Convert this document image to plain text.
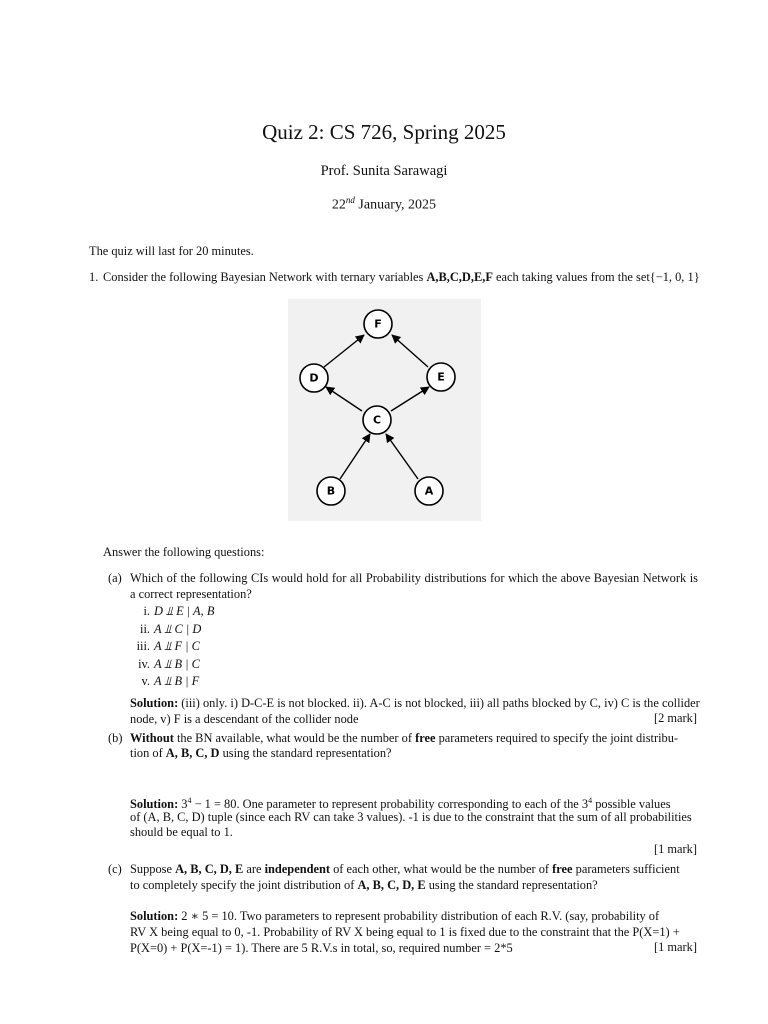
Quiz 2: CS 726, Spring 2025
Prof. Sunita Sarawagi
22nd January, 2025
The quiz will last for 20 minutes.
1. Consider the following Bayesian Network with ternary variables A,B,C,D,E,F each taking values from the set{−1, 0, 1}
F
D	E
C
B	A
Answer the following questions:
(a) Which of the following CIs would hold for all Probability distributions for which the above Bayesian Network is a correct representation?
i. D ⫫ E | A, B
ii. A ⫫ C | D
iii. A ⫫ F | C
iv. A ⫫ B | C
v. A ⫫ B | F
Solution: (iii) only. i) D-C-E is not blocked. ii). A-C is not blocked, iii) all paths blocked by C, iv) C is the collider
node, v) F is a descendant of the collider node	[2 mark]
(b) Without the BN available, what would be the number of free parameters required to specify the joint distribu-
tion of A, B, C, D using the standard representation?
Solution: $3^4 - 1 = 80$. One parameter to represent probability corresponding to each of the $3^4$ possible values
of (A, B, C, D) tuple (since each RV can take 3 values). -1 is due to the constraint that the sum of all probabilities
should be equal to 1.
[1 mark]
(c) Suppose A, B, C, D, E are independent of each other, what would be the number of free parameters sufficient
to completely specify the joint distribution of A, B, C, D, E using the standard representation?
Solution: 2 ∗ 5 = 10. Two parameters to represent probability distribution of each R.V. (say, probability of
RV X being equal to 0, -1. Probability of RV X being equal to 1 is fixed due to the constraint that the P(X=1) +
P(X=0) + P(X=-1) = 1). There are 5 R.V.s in total, so, required number = 2*5	[1 mark]
